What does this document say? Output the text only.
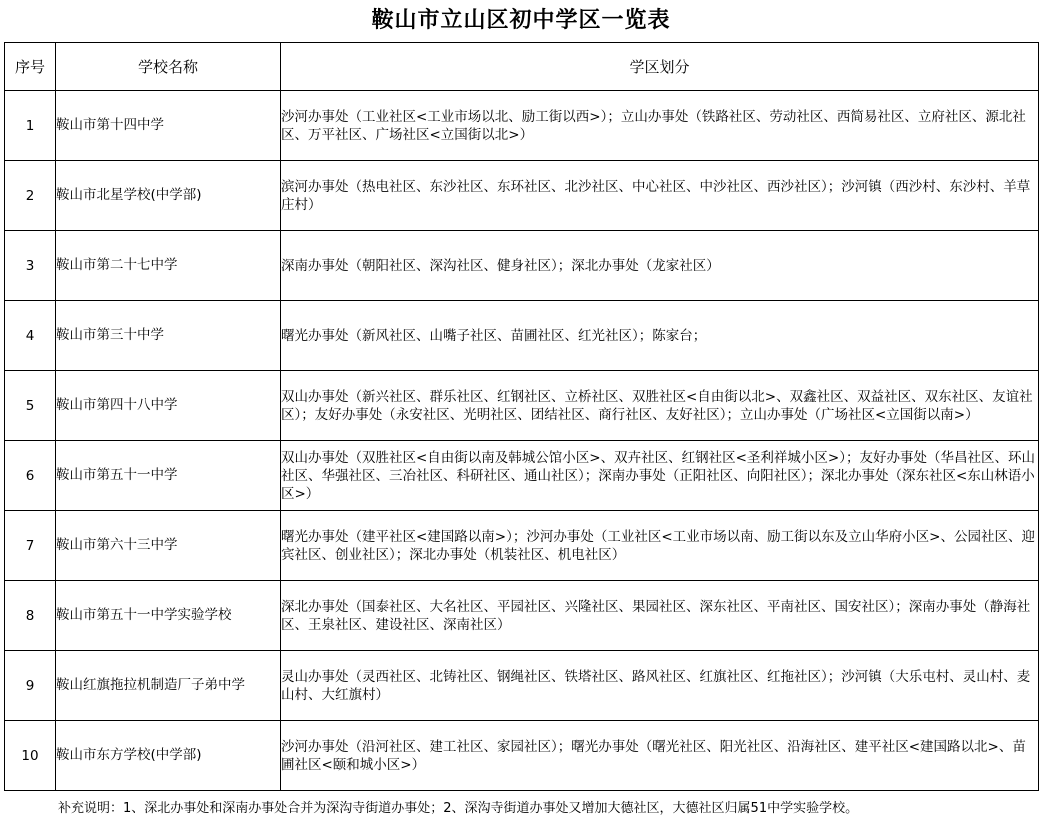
鞍山市立山区初中学区一览表
序号	学校名称	学区划分
1	鞍山市第十四中学	沙河办事处（工业社区<工业市场以北、励工街以西>）；立山办事处（铁路社区、劳动社区、西简易社区、立府社区、源北社区、万平社区、广场社区<立国街以北>）
2	鞍山市北星学校(中学部)	滨河办事处（热电社区、东沙社区、东环社区、北沙社区、中心社区、中沙社区、西沙社区）；沙河镇（西沙村、东沙村、羊草庄村）
3	鞍山市第二十七中学	深南办事处（朝阳社区、深沟社区、健身社区）；深北办事处（龙家社区）
4	鞍山市第三十中学	曙光办事处（新风社区、山嘴子社区、苗圃社区、红光社区）；陈家台；
5	鞍山市第四十八中学	双山办事处（新兴社区、群乐社区、红钢社区、立桥社区、双胜社区<自由街以北>、双鑫社区、双益社区、双东社区、友谊社区）；友好办事处（永安社区、光明社区、团结社区、商行社区、友好社区）；立山办事处（广场社区<立国街以南>）
6	鞍山市第五十一中学	双山办事处（双胜社区<自由街以南及韩城公馆小区>、双卉社区、红钢社区<圣利祥城小区>）；友好办事处（华昌社区、环山社区、华强社区、三冶社区、科研社区、通山社区）；深南办事处（正阳社区、向阳社区）；深北办事处（深东社区<东山林语小区>）
7	鞍山市第六十三中学	曙光办事处（建平社区<建国路以南>）；沙河办事处（工业社区<工业市场以南、励工街以东及立山华府小区>、公园社区、迎宾社区、创业社区）；深北办事处（机装社区、机电社区）
8	鞍山市第五十一中学实验学校	深北办事处（国泰社区、大名社区、平园社区、兴隆社区、果园社区、深东社区、平南社区、国安社区）；深南办事处（静海社区、王泉社区、建设社区、深南社区）
9	鞍山红旗拖拉机制造厂子弟中学	灵山办事处（灵西社区、北铸社区、钢绳社区、铁塔社区、路风社区、红旗社区、红拖社区）；沙河镇（大乐屯村、灵山村、麦山村、大红旗村）
10	鞍山市东方学校(中学部)	沙河办事处（沿河社区、建工社区、家园社区）；曙光办事处（曙光社区、阳光社区、沿海社区、建平社区<建国路以北>、苗圃社区<颐和城小区>）
补充说明：1、深北办事处和深南办事处合并为深沟寺街道办事处；2、深沟寺街道办事处又增加大德社区，大德社区归属51中学实验学校。
